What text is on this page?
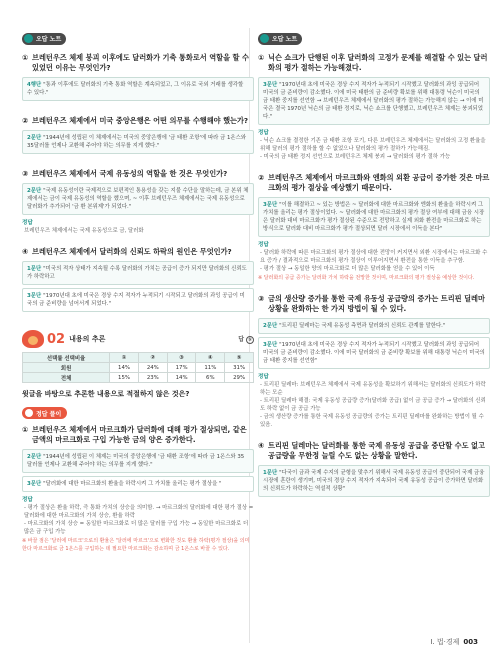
오답 노트
① 브레턴우즈 체제 붕괴 이후에도 달러화가 기축 통화로서 역할을 할 수 있었던 이유는 무엇인가?
4행단 "통과 이후에도 달러화의 기축 통화 역할은 계속되었고, 그 이유로 국외 거래를 생각할 수 있다."
② 브레턴우즈 체제에서 미국 중앙은행은 어떤 의무를 수행해야 했는가?
2문단 "1944년에 성립된 이 체제에서는 미국의 중앙은행에 '금 태환 조항'에 따라 금 1온스와 35달러를 언제나 교환해 주어야 하는 의무를 지게 했다."
③ 브레턴우즈 체제에서 국제 유동성의 역할을 한 것은 무엇인가?
2문단 "국제 유동성이란 국제적으로 보편적인 통용성을 갖는 지불 수단을 말하는데, 금 본위 체제에서는 금이 국제 유동성의 역할을 했으며, ~ 이후 브레턴우즈 체제에서는 국제 유동성으로 달러화가 추가되어 '금 환 본위제'가 되었다."
정답
브레턴우즈 체제에서는 국제 유동성으로 금, 달러화
④ 브레턴우즈 체제에서 달러화의 신뢰도 하락의 원인은 무엇인가?
1문단 "미국의 적자 상태가 지속될 수록 달러화의 가치는 공급이 증가 되지만 달러화의 신뢰도가 하락하고
3문단 "1970년대 초에 미국은 경상 수지 적자가 누적되기 시작되고 달러화의 과잉 공급이 미국의 금 준비량을 넘어서게 되었다."
02 내용의 추론	답 ⑤
선택률 선택비율	①	②	③	④	⑤
회원	14%	24%	17%	11%	31%
전체	15%	23%	14%	6%	29%
윗글을 바탕으로 추론한 내용으로 적절하지 않은 것은?
정답 풀이
① 브레턴우즈 체제에서 마르크화가 달러화에 대해 평가 절상되면, 같은 금액의 마르크화로 구입 가능한 금의 양은 증가한다.
2문단 "1944년에 성립된 이 체제는 미국의 중앙은행에 '금 태환 조항'에 따라 금 1온스와 35달러를 언제나 교환해 주어야 하는 의무를 지게 했다."
3문단 "달러화에 대한 마르크화의 환율을 하락시켜 그 가치를 올리는 평가 절상을 "
정답
- 평가 절상은 환율 하락, 즉 통화 가치의 상승을 의미함. → 마르크화의 달러화에 대한 평가 절상 = 달러화에 대한 마르크화의 가치 상승, 환율 하락
- 마르크화의 가치 상승 = 동일한 마르크화로 더 많은 달러를 구입 가능 → 동일한 마르크화로 더 많은 금 구입 가능
※ 바꿀 점은 '달러에 마르크'으로의 환율은 '달러에 마르크'으로 변화한 것도 환율 하락(평가 절상)을 의미한다 마르크화로 금 1온스를 구입하는 데 필요한 마르크화는 감소하며 금 1온스로 바꿀 수 있다.
오답 노트
① 닉슨 쇼크가 단행된 이후 달러화의 고정가 문제를 해결할 수 있는 달러화의 평가 절하는 가능해졌다.
3문단 "1970년대 초에 미국은 경상 수지 적자가 누적되기 시작했고 달러화의 과잉 공급되어 미국의 금 준비량이 감소했다. 이에 미국 태환의 금 준비량 확보를 위해 대통령 닉슨이 미국의 금 태환 중지를 선언함 → 브레턴우즈 체제에서 달러화의 평가 절하는 가능해지 않는 → 이에 미국은 결국 1970년 닉슨의 금 태환 정지로, 닉슨 쇼크를 단행했고, 브레턴우즈 체제는 붕괴되었다."
정답
- 닉슨 쇼크를 결정한 기존 금 태환 조항 포기, 다른 브레턴우즈 체제에서는 달러화의 고정 환율을 위해 달러의 평가 절하를 할 수 없었으나 달러화의 평가 절하가 가능해짐.
- 미국의 금 태환 정지 선언으로 브레턴우즈 체제 붕괴 → 달러화의 평가 절하 가능
② 브레턴우즈 체제에서 마르크화와 엔화의 외환 공급이 증가한 것은 마르크화의 평가 절상을 예상했기 때문이다.
3문단 "이를 해결하고 ~ 있는 방법은 ~ 달러화에 대한 마르크화와 엔화의 환율을 하락시켜 그 가치를 올리는 평가 절상이었다. ~ 달러화에 대한 마르크화의 평가 절상 여부에 대해 금융 시장은 달러화 대비 마르크화가 평가 절상된 수준으로 전망하고 실제 외화 환전을 마르크화로 하는 방식으로 달러화 대비 마르크화가 평가 절상되면 달러 시장에서 이득을 본다"
정답
- 달러화 하락에 따른 마르크화의 평가 절상에 대한 전망이 커지면서 외환 시장에서는 마르크화 수요 증가 / 결과적으로 마르크화의 평가 절상이 이루어지면서 환전을 통한 이득을 추구함.
- 평가 절상 → 동일한 양의 마르크화로 더 많은 달러화를 얻을 수 있어 이득
※ 달러화의 공급 증가는 달러화 가치 하락을 전망한 것이며, 마르크화의 평가 절상을 예상한 것이다.
③ 금의 생산량 증가를 통한 국제 유동성 공급량의 증가는 트리핀 딜레마 상황을 완화하는 한 가지 방법이 될 수 있다.
2문단 "트리핀 딜레마는 국제 유동성 측면과 달러화의 신뢰도 관계를 말한다."
3문단 "1970년대 초에 미국은 경상 수지 적자가 누적되기 시작했고 달러화의 과잉 공급되어 미국의 금 준비량이 감소했다. 이에 미국 달러화의 금 준비량 확보를 위해 대통령 닉슨이 미국의 금 태환 중지를 선언함"
정답
- 트리핀 딜레마: 브레턴우즈 체제에서 국제 유동성을 확보하기 위해서는 달러화의 신뢰도가 하락하는 모순
- 트리핀 딜레마 해결: 국제 유동성 공급량 증가(달러화 공급) 없이 금 공급 증가 → 달러화의 신뢰도 하락 없이 금 공급 가능
- 금의 생산량 증가를 통한 국제 유동성 공급량의 증가는 트리핀 딜레마를 완화하는 방법이 될 수 있음.
④ 트리핀 딜레마는 달러화를 통한 국제 유동성 공급을 중단할 수도 없고 공급량을 무한정 늘릴 수도 없는 상황을 말한다.
1문단 "다국이 금과 국제 수지의 균형을 맞추기 위해서 국제 유동성 공급이 중단되어 국제 금융 시장에 혼란이 생기며, 미국의 경상 수지 적자가 지속되어 국제 유동성 공급이 증가하면 달러화의 신뢰도가 하락하는 역설적 상황"
Ⅰ. 법·경제 003
